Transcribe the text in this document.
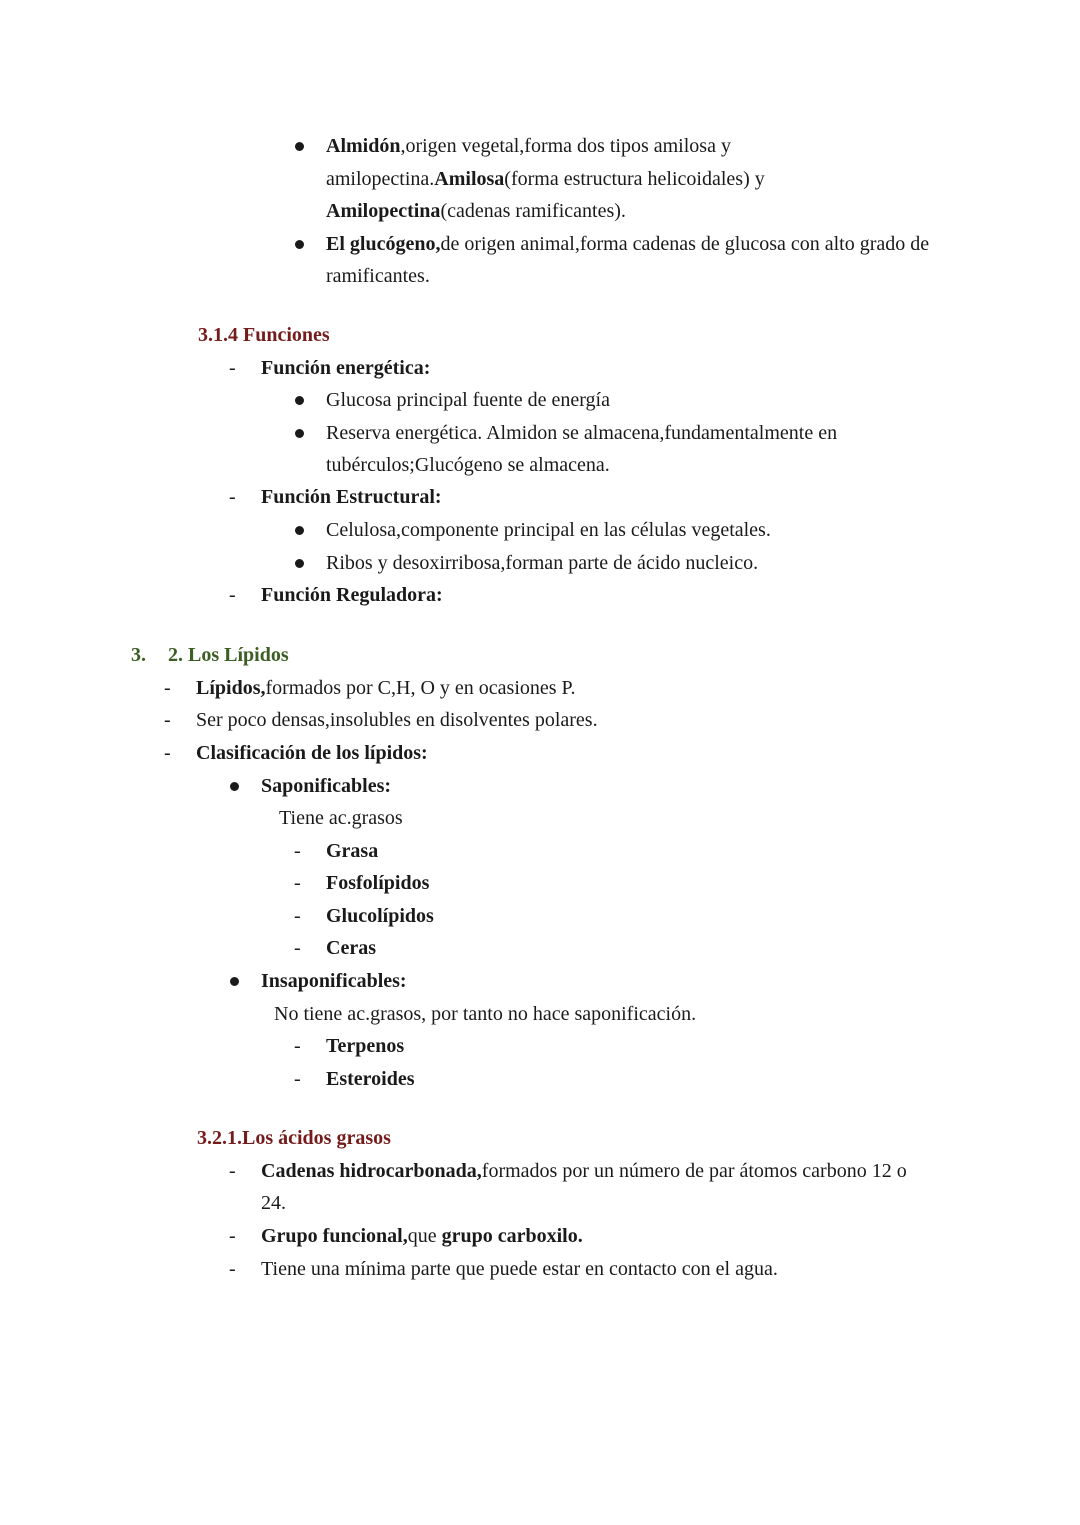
Almidón,origen vegetal,forma dos tipos amilosa y
amilopectina.Amilosa(forma estructura helicoidales) y
Amilopectina(cadenas ramificantes).
El glucógeno,de origen animal,forma cadenas de glucosa con alto grado de
ramificantes.
3.1.4 Funciones
- Función energética:
Glucosa principal fuente de energía
Reserva energética. Almidon se almacena,fundamentalmente en
tubérculos;Glucógeno se almacena.
- Función Estructural:
Celulosa,componente principal en las células vegetales.
Ribos y desoxirribosa,forman parte de ácido nucleico.
- Función Reguladora:
3. 2. Los Lípidos
- Lípidos,formados por C,H, O y en ocasiones P.
- Ser poco densas,insolubles en disolventes polares.
- Clasificación de los lípidos:
Saponificables:
Tiene ac.grasos
- Grasa
- Fosfolípidos
- Glucolípidos
- Ceras
Insaponificables:
No tiene ac.grasos, por tanto no hace saponificación.
- Terpenos
- Esteroides
3.2.1.Los ácidos grasos
- Cadenas hidrocarbonada,formados por un número de par átomos carbono 12 o
24.
- Grupo funcional,que grupo carboxilo.
- Tiene una mínima parte que puede estar en contacto con el agua.
